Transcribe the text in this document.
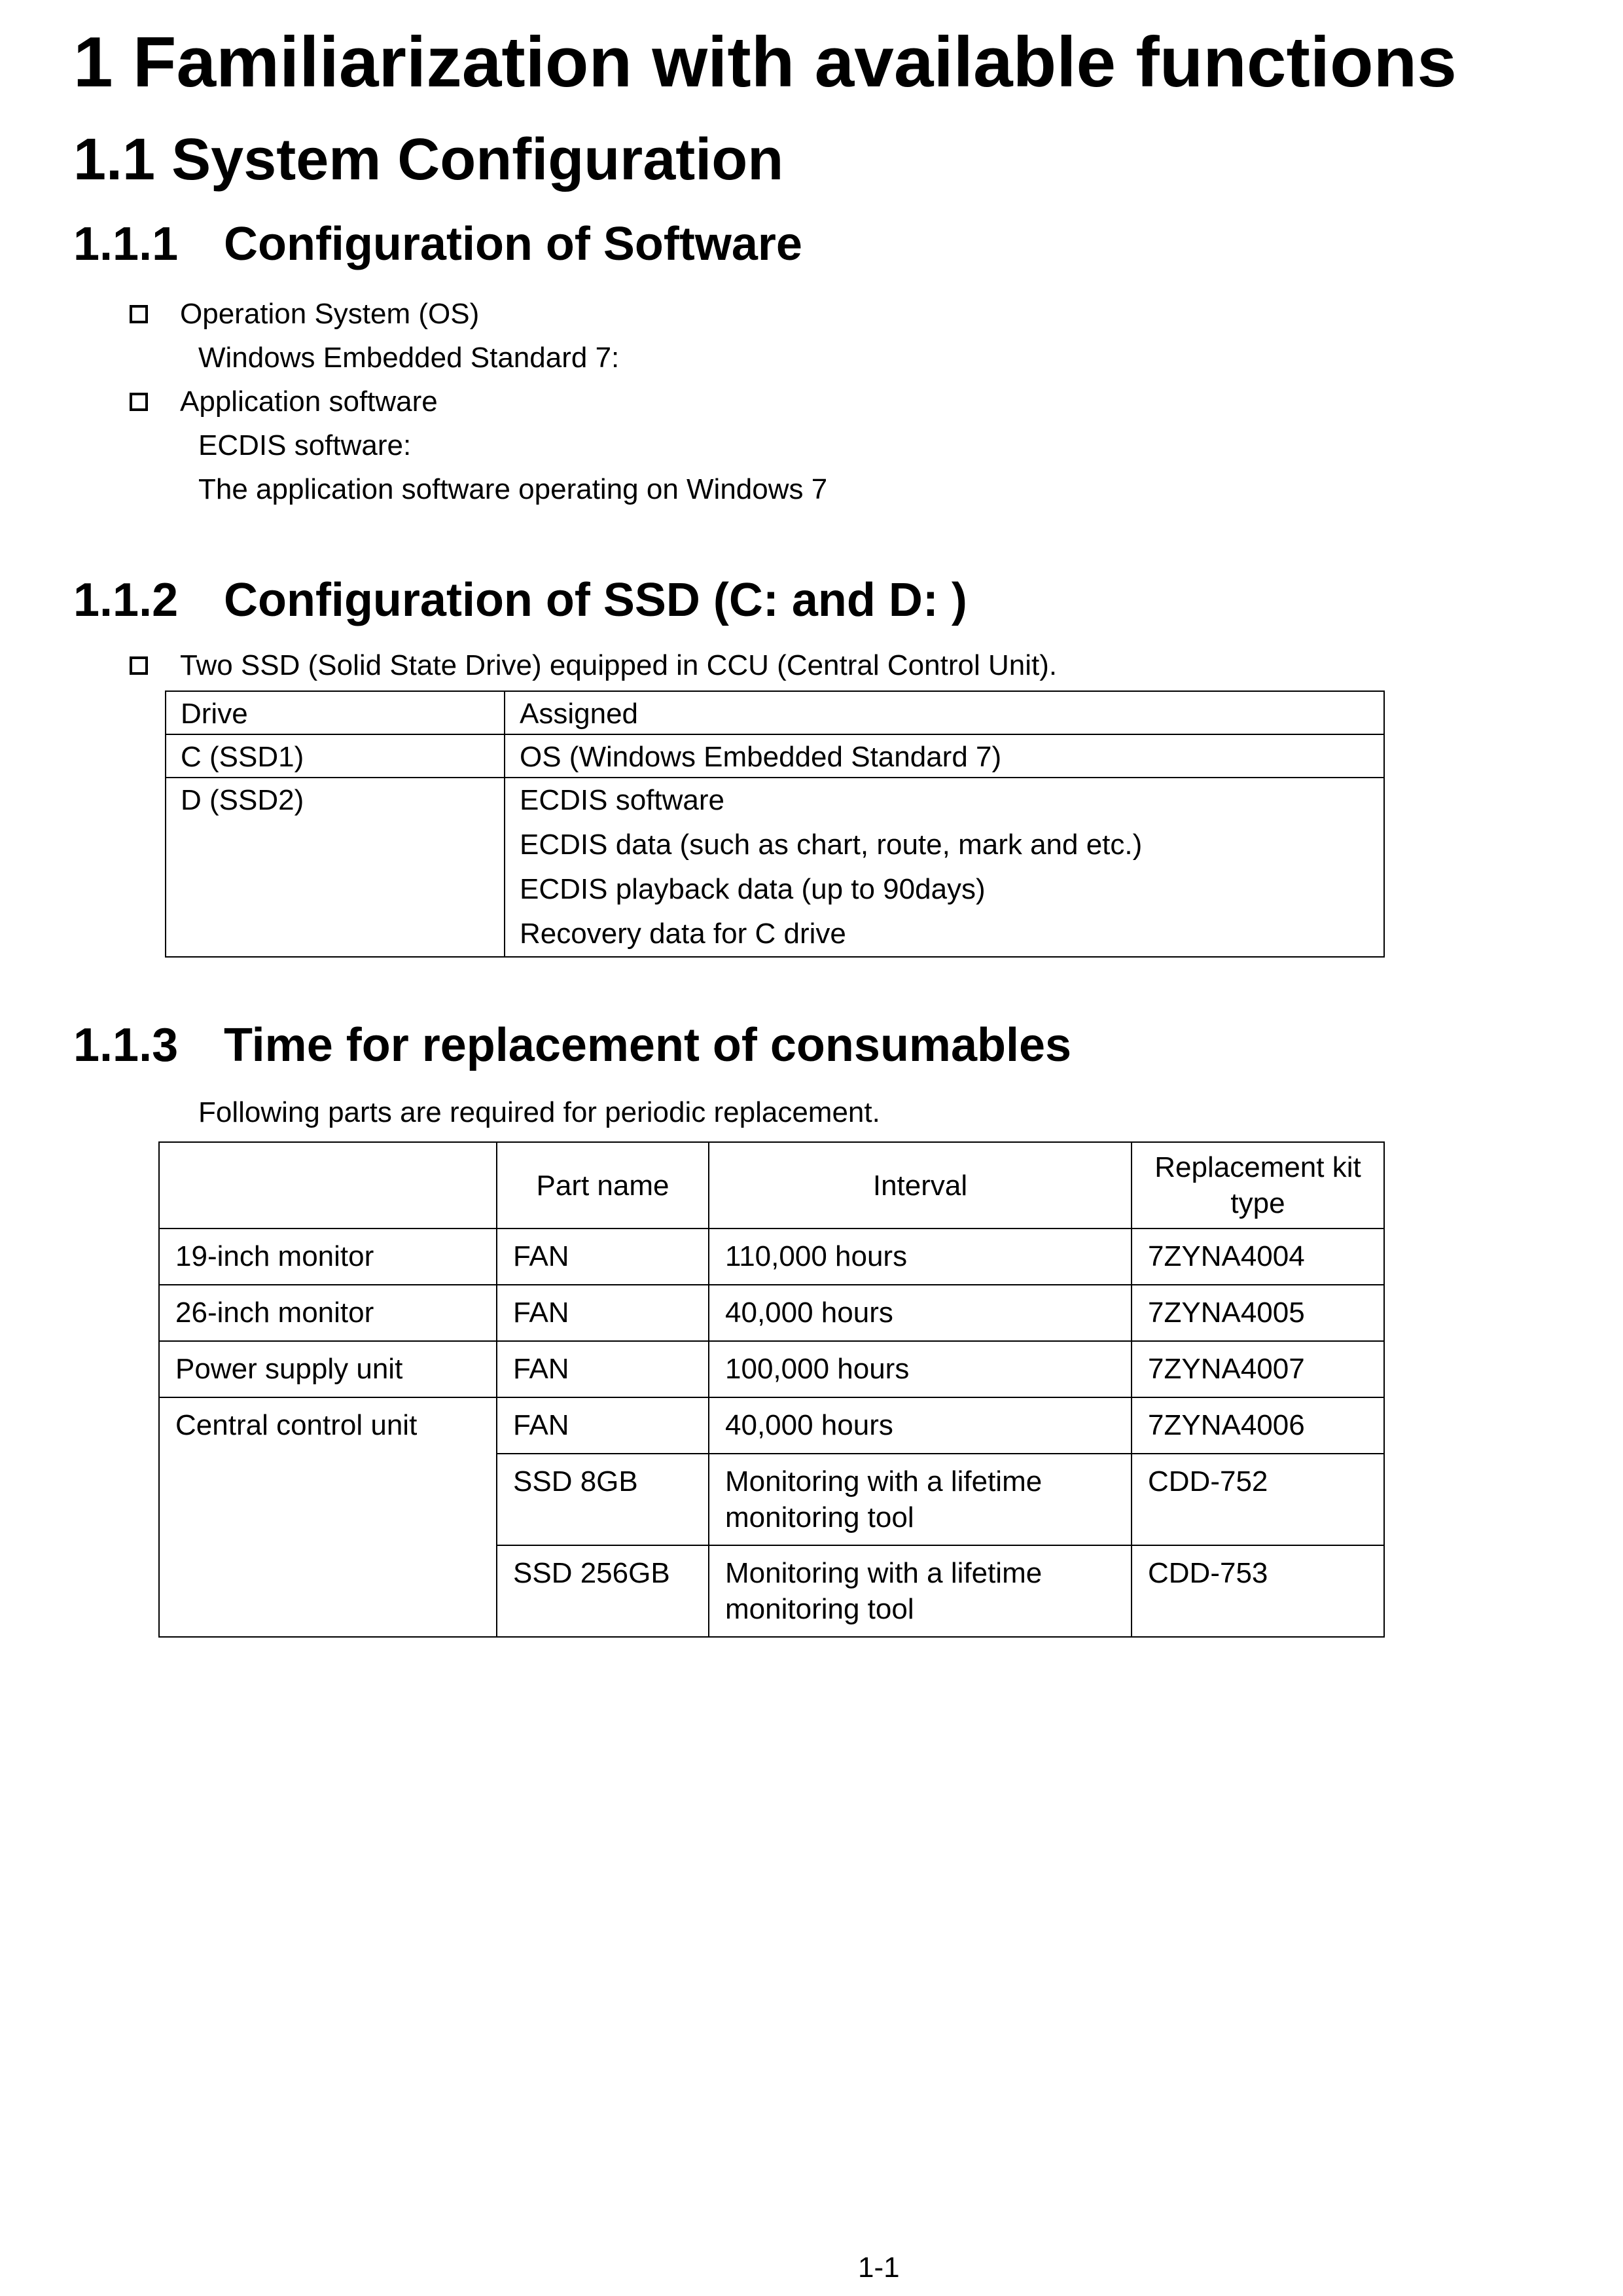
1 Familiarization with available functions
1.1 System Configuration
1.1.1 Configuration of Software
Operation System (OS)
Windows Embedded Standard 7:
Application software
ECDIS software:
The application software operating on Windows 7
1.1.2 Configuration of SSD (C: and D: )
Two SSD (Solid State Drive) equipped in CCU (Central Control Unit).
Drive	Assigned
C (SSD1)	OS (Windows Embedded Standard 7)
D (SSD2)	ECDIS software
ECDIS data (such as chart, route, mark and etc.)
ECDIS playback data (up to 90days)
Recovery data for C drive
1.1.3 Time for replacement of consumables
Following parts are required for periodic replacement.
	Part name	Interval	Replacement kit type
19-inch monitor	FAN	110,000 hours	7ZYNA4004
26-inch monitor	FAN	40,000 hours	7ZYNA4005
Power supply unit	FAN	100,000 hours	7ZYNA4007
Central control unit	FAN	40,000 hours	7ZYNA4006
	SSD 8GB	Monitoring with a lifetime monitoring tool	CDD-752
	SSD 256GB	Monitoring with a lifetime monitoring tool	CDD-753
1-1
